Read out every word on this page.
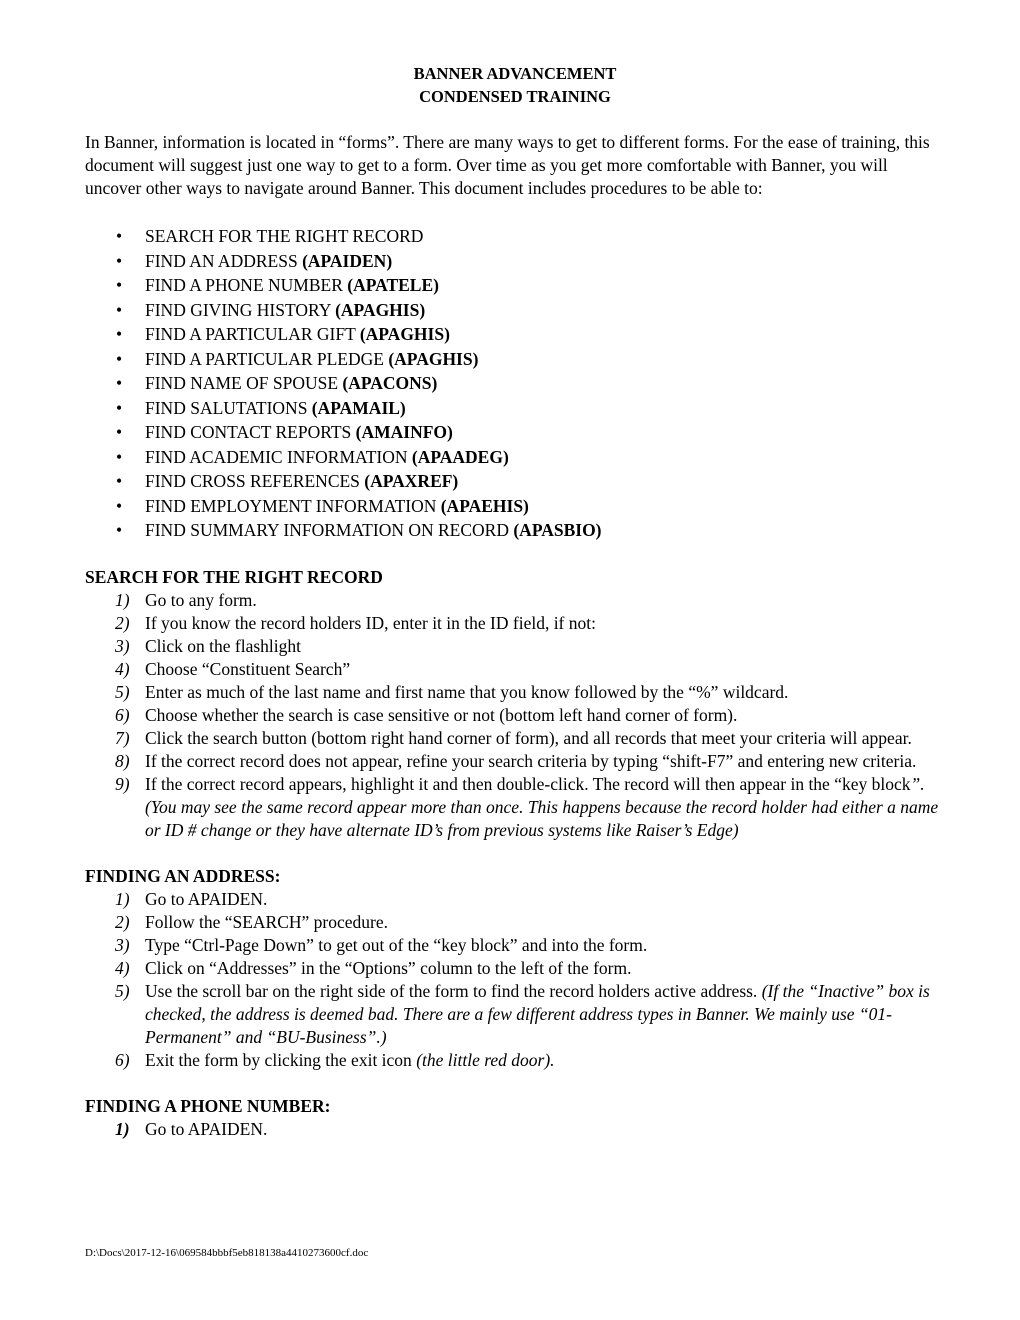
BANNER ADVANCEMENT
CONDENSED TRAINING
In Banner, information is located in “forms”. There are many ways to get to different forms. For the ease of training, this document will suggest just one way to get to a form. Over time as you get more comfortable with Banner, you will uncover other ways to navigate around Banner. This document includes procedures to be able to:
• SEARCH FOR THE RIGHT RECORD
• FIND AN ADDRESS (APAIDEN)
• FIND A PHONE NUMBER (APATELE)
• FIND GIVING HISTORY (APAGHIS)
• FIND A PARTICULAR GIFT (APAGHIS)
• FIND A PARTICULAR PLEDGE (APAGHIS)
• FIND NAME OF SPOUSE (APACONS)
• FIND SALUTATIONS (APAMAIL)
• FIND CONTACT REPORTS (AMAINFO)
• FIND ACADEMIC INFORMATION (APAADEG)
• FIND CROSS REFERENCES (APAXREF)
• FIND EMPLOYMENT INFORMATION (APAEHIS)
• FIND SUMMARY INFORMATION ON RECORD (APASBIO)
SEARCH FOR THE RIGHT RECORD
1) Go to any form.
2) If you know the record holders ID, enter it in the ID field, if not:
3) Click on the flashlight
4) Choose “Constituent Search”
5) Enter as much of the last name and first name that you know followed by the “%” wildcard.
6) Choose whether the search is case sensitive or not (bottom left hand corner of form).
7) Click the search button (bottom right hand corner of form), and all records that meet your criteria will appear.
8) If the correct record does not appear, refine your search criteria by typing “shift-F7” and entering new criteria.
9) If the correct record appears, highlight it and then double-click. The record will then appear in the “key block”. (You may see the same record appear more than once. This happens because the record holder had either a name or ID # change or they have alternate ID’s from previous systems like Raiser’s Edge)
FINDING AN ADDRESS:
1) Go to APAIDEN.
2) Follow the “SEARCH” procedure.
3) Type “Ctrl-Page Down” to get out of the “key block” and into the form.
4) Click on “Addresses” in the “Options” column to the left of the form.
5) Use the scroll bar on the right side of the form to find the record holders active address. (If the “Inactive” box is checked, the address is deemed bad. There are a few different address types in Banner. We mainly use “01-Permanent” and “BU-Business”.)
6) Exit the form by clicking the exit icon (the little red door).
FINDING A PHONE NUMBER:
1) Go to APAIDEN.
D:\Docs\2017-12-16\069584bbbf5eb818138a4410273600cf.doc
